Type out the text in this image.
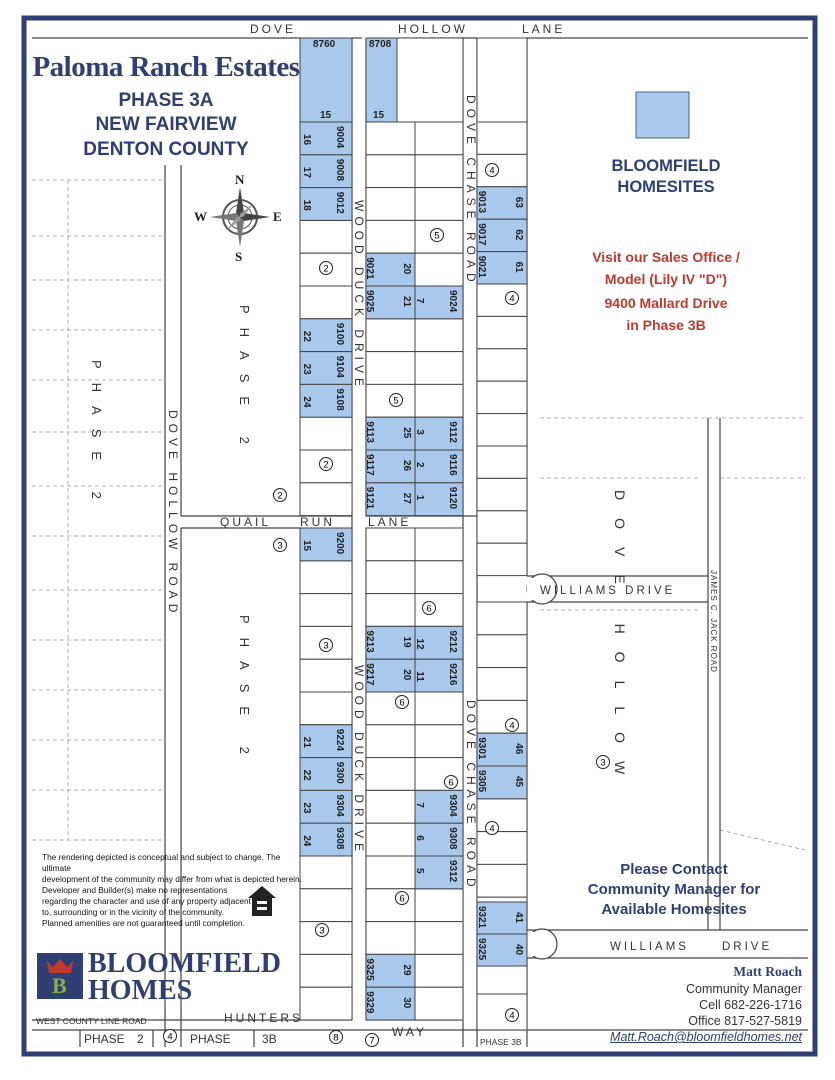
8760	8708
15	15
9004
9008
9012
9100
9104
9108
16
17
18
22
23
24
9021
9025
9113
9117
9121
20
21
25
26
27
9024
9112
9116
9120
7
3
2
1
9013
9017
9021
63
62
61
9200
9224
9300
9304
9308
15
21
22
23
24
9213
9217
9325
9329
19
20
29
30
9212
9216
9304
9308
9312
12
11
7
6
5
9301
9305
9321
9325
46
45
41
40
2
2
2
3
3
3
4
4
4
4
4
4
5
5
6
6
6
6
3
8	7
DOVE	HOLLOW	LANE
QUAIL RUN	LANE
HUNTERS
WAY
WILLIAMS DRIVE
WILLIAMS	DRIVE
DOVE CHASE ROAD
DOVE CHASE ROAD
WOOD DUCK DRIVE
WOOD DUCK DRIVE
DOVE HOLLOW ROAD
JAMES C. JACK ROAD
PHASE 2	PHASE 2
PHASE 2	DOVE HOLLOW
WEST COUNTY LINE ROAD
PHASE 2	PHASE	3B	PHASE 3B
N
S
E
W
B
Paloma Ranch Estates
PHASE 3A
NEW FAIRVIEW
DENTON COUNTY
BLOOMFIELD
HOMESITES
Visit our Sales Office /
Model (Lily IV "D")
9400 Mallard Drive
in Phase 3B
Please Contact
Community Manager for
Available Homesites
The rendering depicted is conceptual and subject to change. The ultimate
development of the community may differ from what is depicted herein.
Developer and Builder(s) make no representations
regarding the character and use of any property adjacent
to, surrounding or in the vicinity of the community.
Planned amenities are not guaranteed until completion.
BLOOMFIELD
HOMES
Matt Roach
Community Manager
Cell 682-226-1716
Office 817-527-5819
Matt.Roach@bloomfieldhomes.net
